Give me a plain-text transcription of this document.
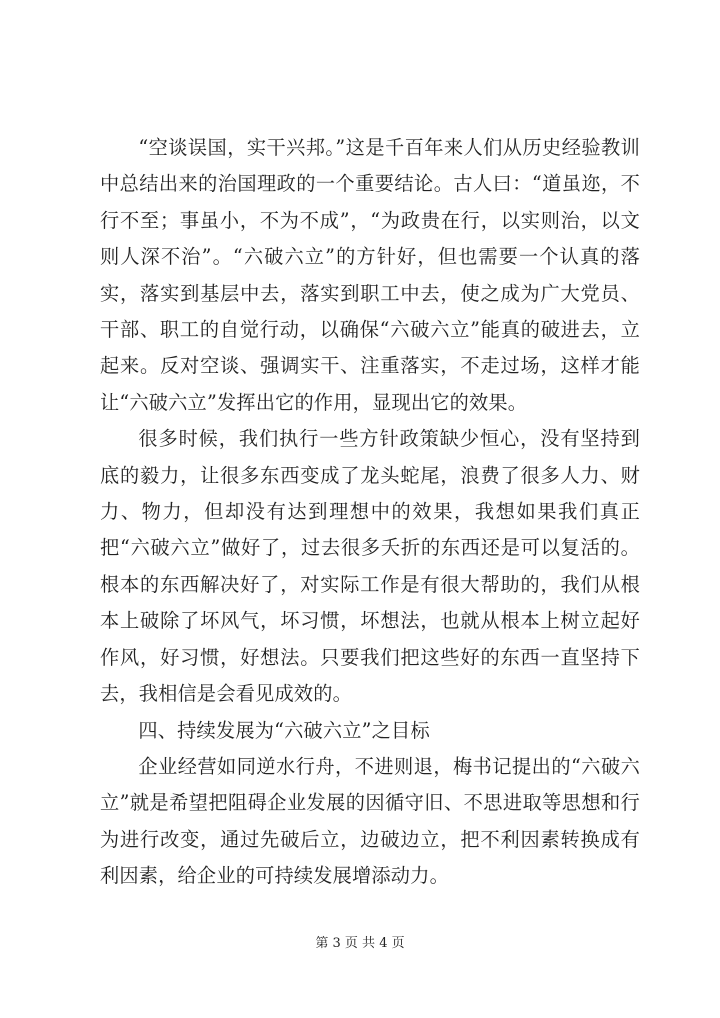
“空谈误国，实干兴邦。”这是千百年来人们从历史经验教训中总结出来的治国理政的一个重要结论。古人曰：“道虽迩，不行不至；事虽小，不为不成”，“为政贵在行，以实则治，以文则人深不治”。“六破六立”的方针好，但也需要一个认真的落实，落实到基层中去，落实到职工中去，使之成为广大党员、干部、职工的自觉行动，以确保“六破六立”能真的破进去，立起来。反对空谈、强调实干、注重落实，不走过场，这样才能让“六破六立”发挥出它的作用，显现出它的效果。

很多时候，我们执行一些方针政策缺少恒心，没有坚持到底的毅力，让很多东西变成了龙头蛇尾，浪费了很多人力、财力、物力，但却没有达到理想中的效果，我想如果我们真正把“六破六立”做好了，过去很多夭折的东西还是可以复活的。根本的东西解决好了，对实际工作是有很大帮助的，我们从根本上破除了坏风气，坏习惯，坏想法，也就从根本上树立起好作风，好习惯，好想法。只要我们把这些好的东西一直坚持下去，我相信是会看见成效的。

四、持续发展为“六破六立”之目标

企业经营如同逆水行舟，不进则退，梅书记提出的“六破六立”就是希望把阻碍企业发展的因循守旧、不思进取等思想和行为进行改变，通过先破后立，边破边立，把不利因素转换成有利因素，给企业的可持续发展增添动力。

第 3 页 共 4 页
